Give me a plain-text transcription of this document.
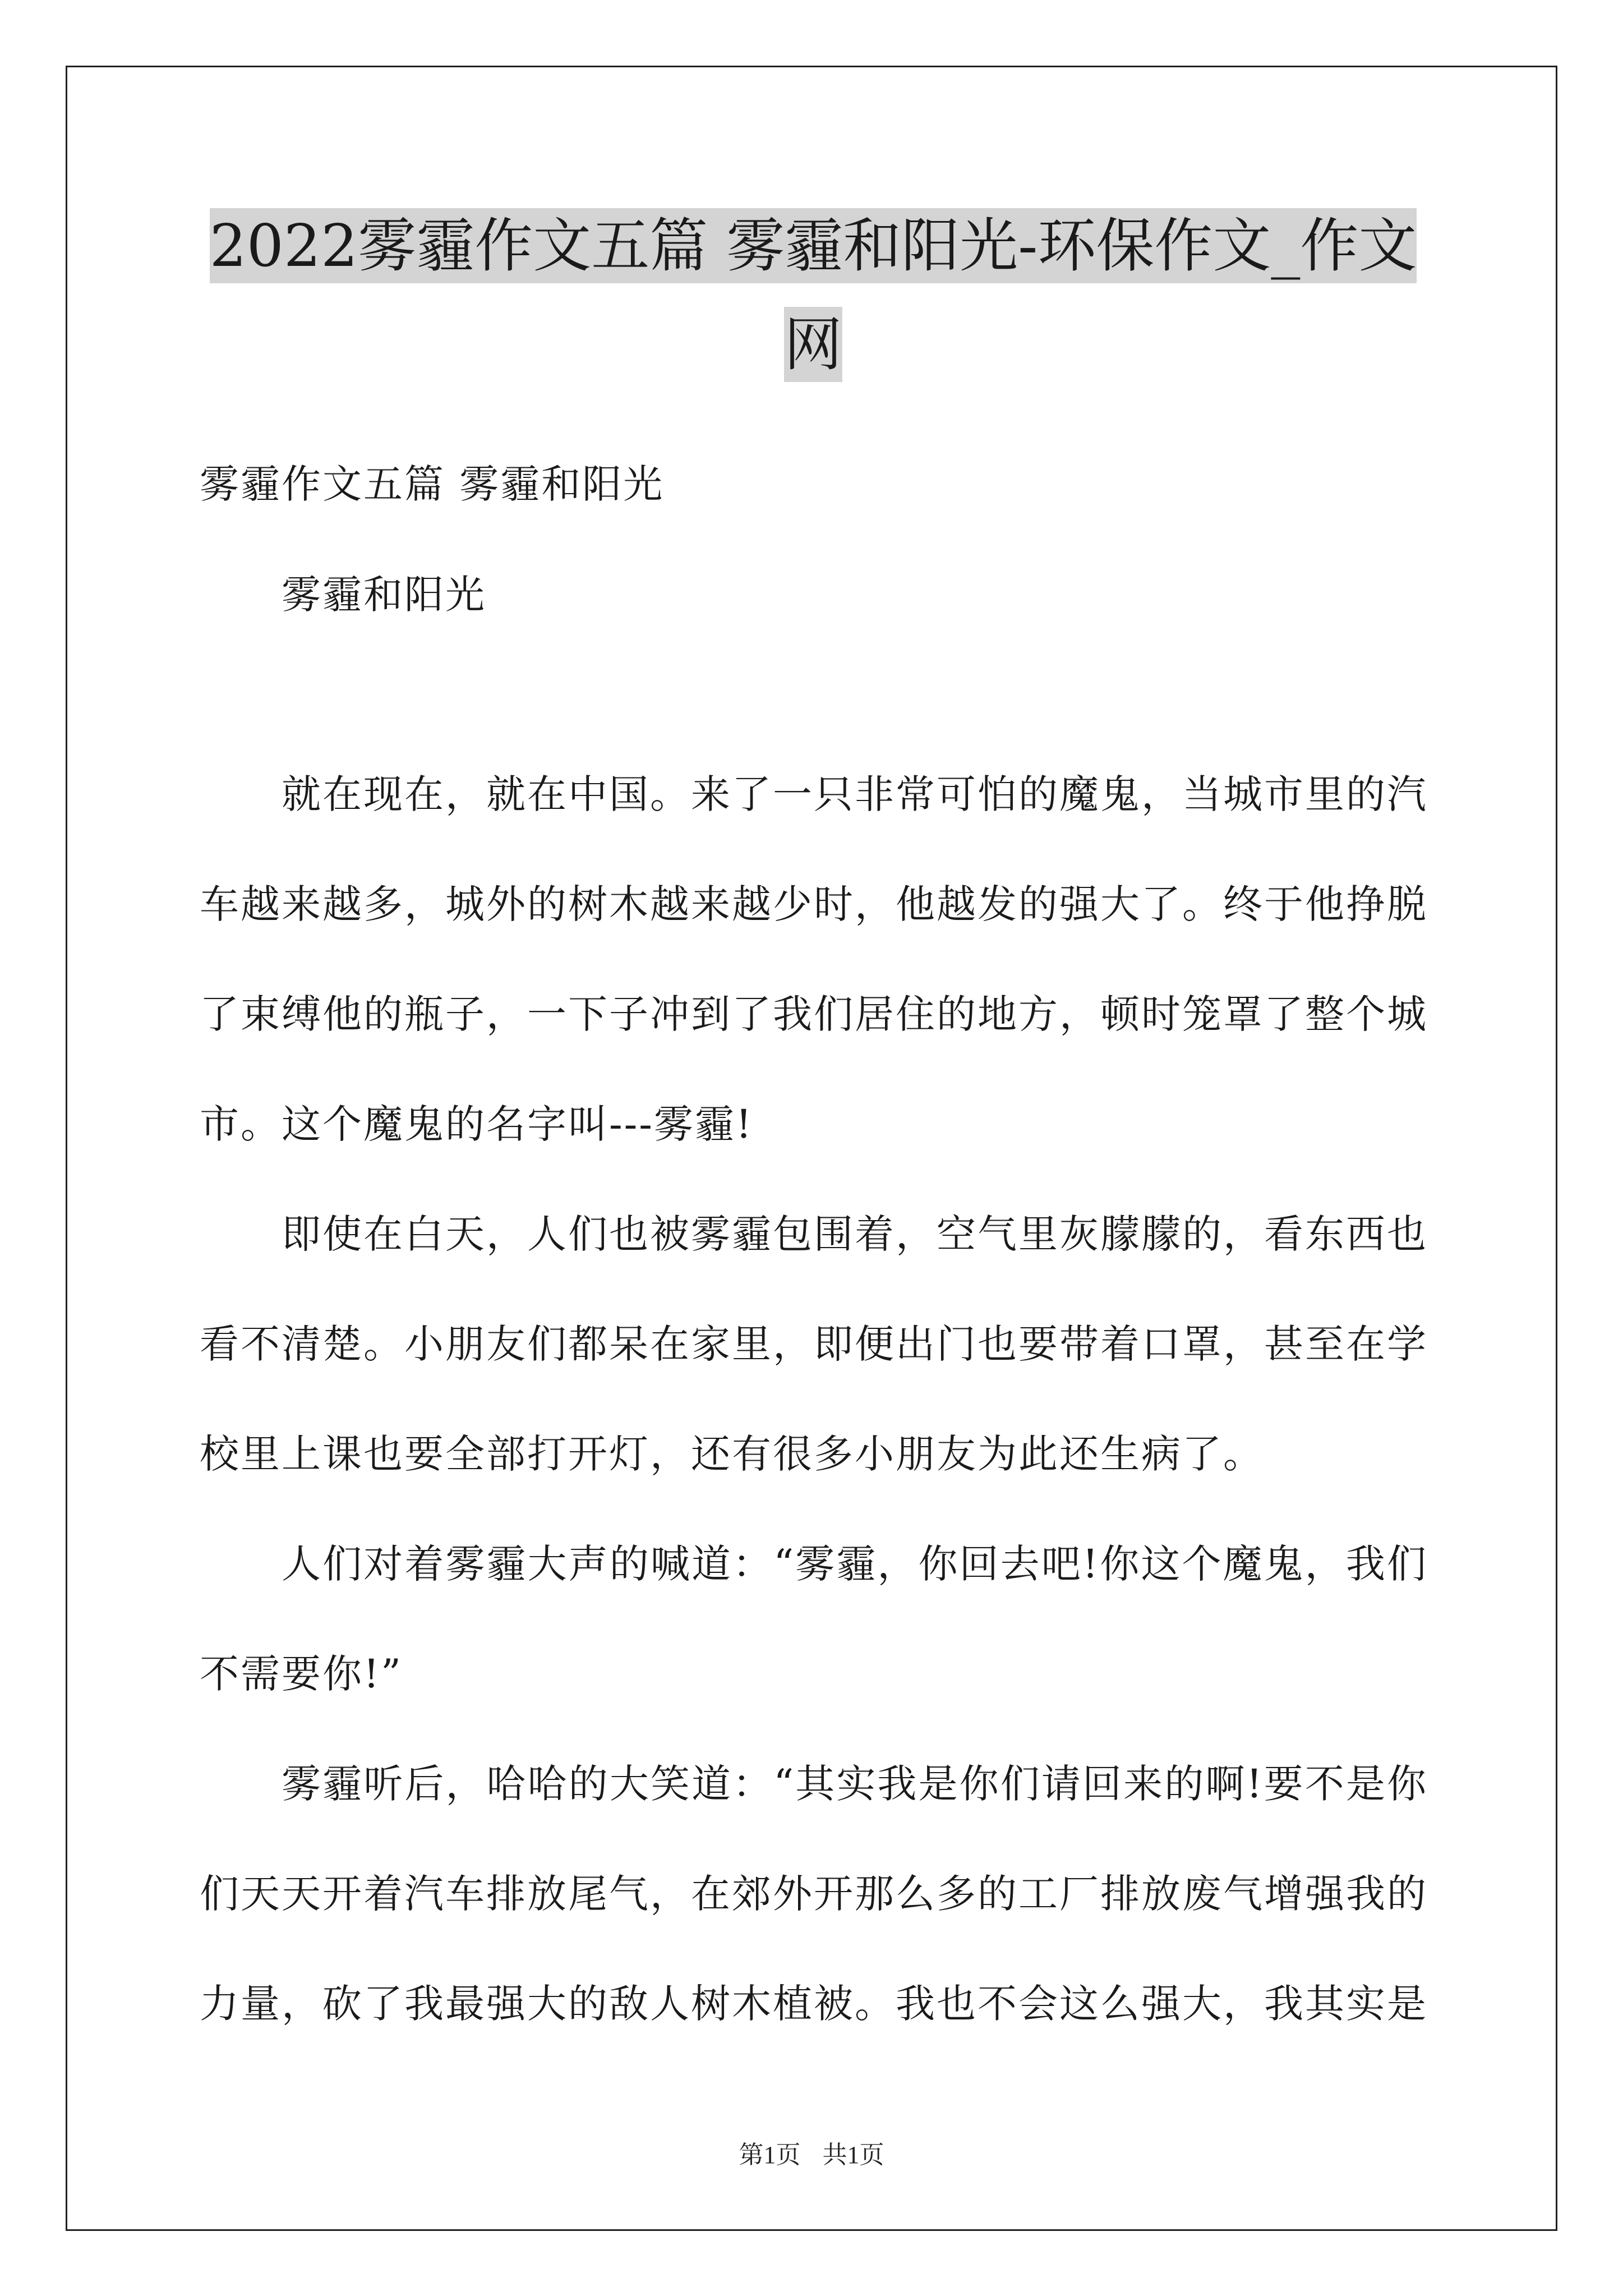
2022雾霾作文五篇 雾霾和阳光-环保作文_作文网
雾霾作文五篇 雾霾和阳光
雾霾和阳光

就在现在，就在中国。来了一只非常可怕的魔鬼，当城市里的汽车越来越多，城外的树木越来越少时，他越发的强大了。终于他挣脱了束缚他的瓶子，一下子冲到了我们居住的地方，顿时笼罩了整个城市。这个魔鬼的名字叫---雾霾!

即使在白天，人们也被雾霾包围着，空气里灰朦朦的，看东西也看不清楚。小朋友们都呆在家里，即便出门也要带着口罩，甚至在学校里上课也要全部打开灯，还有很多小朋友为此还生病了。

人们对着雾霾大声的喊道：“雾霾，你回去吧!你这个魔鬼，我们不需要你!”

雾霾听后，哈哈的大笑道：“其实我是你们请回来的啊!要不是你们天天开着汽车排放尾气，在郊外开那么多的工厂排放废气增强我的力量，砍了我最强大的敌人树木植被。我也不会这么强大，我其实是

第1页 共1页
